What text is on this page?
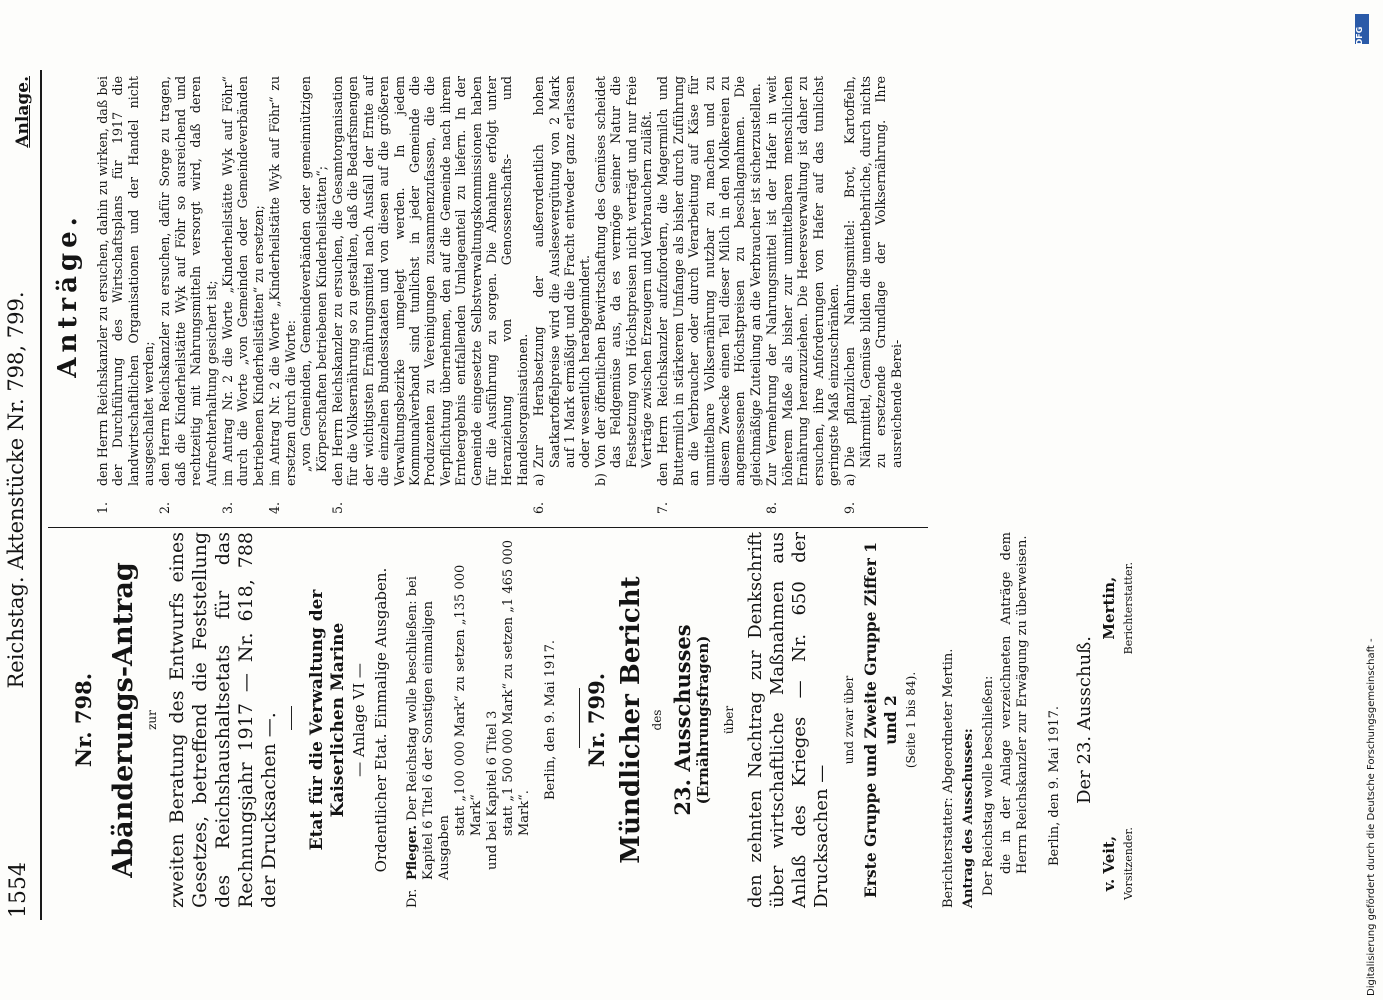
1554
Reichstag. Aktenstücke Nr. 798, 799.
Nr. 798. Abänderungs-Antrag zur zweiten Beratung des Entwurfs eines Gesetzes, betreffend die Feststellung des Reichshaushaltsetats für das Rechnungsjahr 1917 — Nr. 618, 788 der Drucksachen —. Etat für die Verwaltung der Kaiserlichen Marine — Anlage VI — Ordentlicher Etat. Einmalige Ausgaben.
Dr.
Pfleger. Der Reichstag wolle beschließen: bei Kapitel 6 Titel 6 der Sonstigen einmaligen Ausgaben
statt „100 000 Mark“ zu setzen „135 000 Mark“ und bei Kapitel 6 Titel 3 statt „1 500 000 Mark“ zu setzen „1 465 000 Mark“.
Berlin, den 9. Mai 1917. Nr. 799. Mündlicher Bericht des 23. Ausschusses (Ernährungsfragen) über den zehnten Nachtrag zur Denkschrift über wirtschaftliche Maßnahmen aus Anlaß des Krieges — Nr. 650 der Drucksachen —

und zwar über Erste Gruppe und Zweite Gruppe Ziffer 1 und 2 (Seite 1 bis 84). Berichterstatter: Abgeordneter Mertin. Antrag des Ausschusses: Der Reichstag wolle beschließen: die in der Anlage verzeichneten Anträge dem Herrn Reichskanzler zur Erwägung zu überweisen. Berlin, den 9. Mai 1917. Der 23. Ausschuß.
v. Veit, Vorsitzender.
Mertin, Berichterstatter.
Anlage.
Anträge.
1.
den Herrn Reichskanzler zu ersuchen, dahin zu wirken, daß bei der Durchführung des Wirtschaftsplans für 1917 die landwirtschaftlichen Organisationen und der Handel nicht ausgeschaltet werden;
2.
den Herrn Reichskanzler zu ersuchen, dafür Sorge zu tragen, daß die Kinderheilstätte Wyk auf Föhr so ausreichend und rechtzeitig mit Nahrungsmitteln versorgt wird, daß deren Aufrechterhaltung gesichert ist;
3.
im Antrag Nr. 2 die Worte „Kinderheilstätte Wyk auf Föhr“ durch die Worte „von Gemeinden oder Gemeindeverbänden betriebenen Kinderheilstätten“ zu ersetzen;
4.
im Antrag Nr. 2 die Worte „Kinderheilstätte Wyk auf Föhr“ zu ersetzen durch die Worte: „von Gemeinden, Gemeindeverbänden oder gemeinnützigen Körperschaften betriebenen Kinderheilstätten“;
5.
den Herrn Reichskanzler zu ersuchen, die Gesamtorganisation für die Volksernährung so zu gestalten, daß die Bedarfsmengen der wichtigsten Ernährungsmittel nach Ausfall der Ernte auf die einzelnen Bundesstaaten und von diesen auf die größeren Verwaltungsbezirke umgelegt werden. In jedem Kommunalverband sind tunlichst in jeder Gemeinde die Produzenten zu Vereinigungen zusammenzufassen, die die Verpflichtung übernehmen, den auf die Gemeinde nach ihrem Ernteergebnis entfallenden Umlageanteil zu liefern. In der Gemeinde eingesetzte Selbstverwaltungskommissionen haben für die Ausführung zu sorgen. Die Abnahme erfolgt unter Heranziehung von Genossenschafts- und Handelsorganisationen.
6.
a)
Zur Herabsetzung der außerordentlich hohen Saatkartoffelpreise wird die Auslesevergütung von 2 Mark auf 1 Mark ermäßigt und die Fracht entweder ganz erlassen oder wesentlich herabgemindert.
b)
Von der öffentlichen Bewirtschaftung des Gemüses scheidet das Feldgemüse aus, da es vermöge seiner Natur die Festsetzung von Höchstpreisen nicht verträgt und nur freie Verträge zwischen Erzeugern und Verbrauchern zuläßt.
7.
den Herrn Reichskanzler aufzufordern, die Magermilch und Buttermilch in stärkerem Umfange als bisher durch Zuführung an die Verbraucher oder durch Verarbeitung auf Käse für unmittelbare Volksernährung nutzbar zu machen und zu diesem Zwecke einen Teil dieser Milch in den Molkereien zu angemessenen Höchstpreisen zu beschlagnahmen. Die gleichmäßige Zuteilung an die Verbraucher ist sicherzustellen.
8.
Zur Vermehrung der Nahrungsmittel ist der Hafer in weit höherem Maße als bisher zur unmittelbaren menschlichen Ernährung heranzuziehen. Die Heeresverwaltung ist daher zu ersuchen, ihre Anforderungen von Hafer auf das tunlichst geringste Maß einzuschränken.
9.
a)
Die pflanzlichen Nahrungsmittel: Brot, Kartoffeln, Nährmittel, Gemüse bilden die unentbehrliche, durch nichts zu ersetzende Grundlage der Volksernährung. Ihre ausreichende Berei-
Digitalisierung gefördert durch die Deutsche Forschungsgemeinschaft -
DFG
